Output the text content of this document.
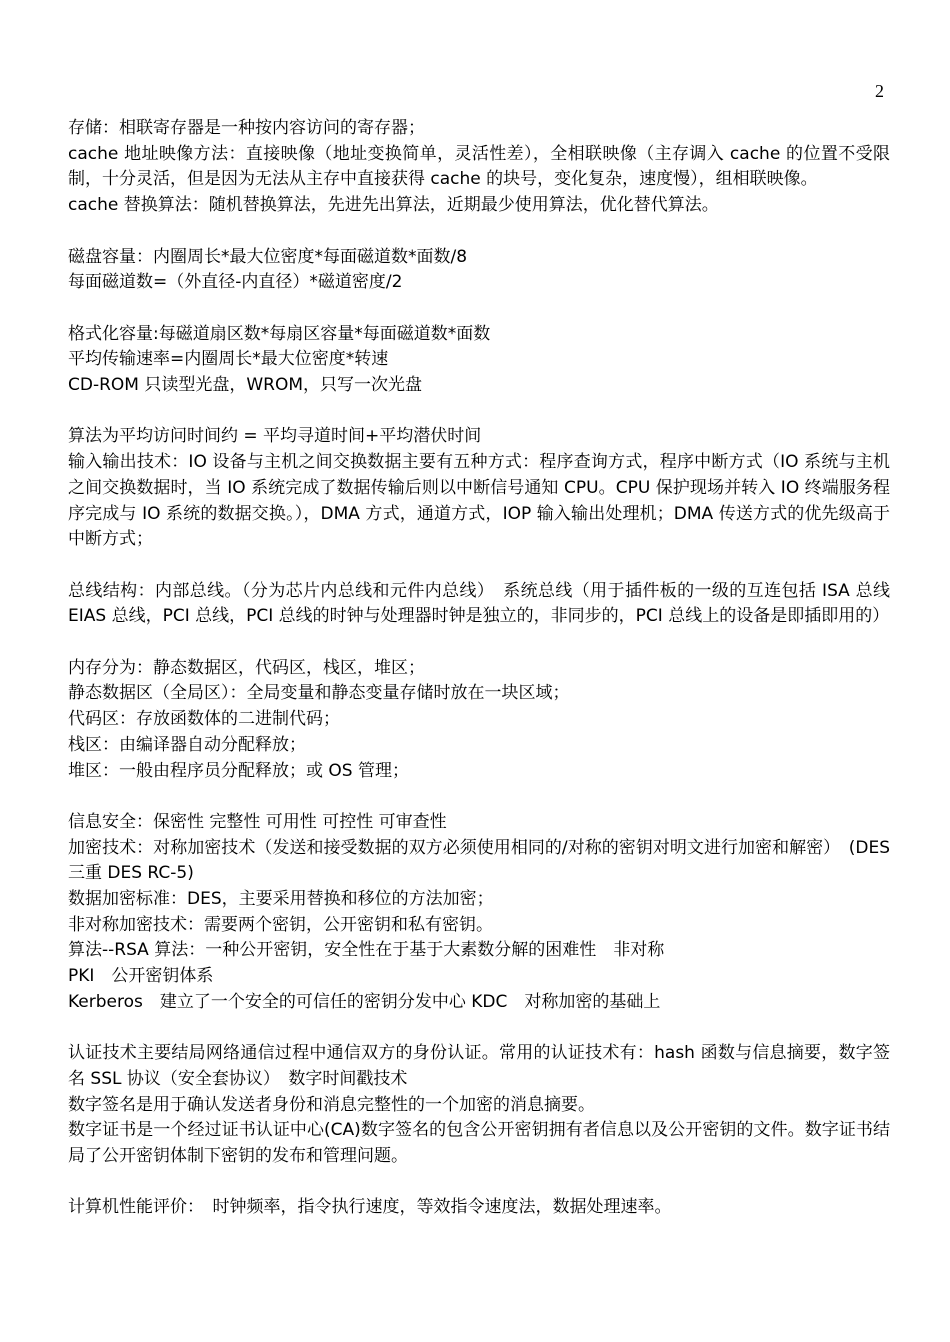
2

存储：相联寄存器是一种按内容访问的寄存器；

cache 地址映像方法：直接映像（地址变换简单，灵活性差），全相联映像（主存调入 cache 的位置不受限制，十分灵活，但是因为无法从主存中直接获得 cache 的块号，变化复杂，速度慢），组相联映像。

cache 替换算法：随机替换算法，先进先出算法，近期最少使用算法，优化替代算法。

磁盘容量：内圈周长*最大位密度*每面磁道数*面数/8

每面磁道数=（外直径-内直径）*磁道密度/2

格式化容量:每磁道扇区数*每扇区容量*每面磁道数*面数

平均传输速率=内圈周长*最大位密度*转速

CD-ROM 只读型光盘，WROM，只写一次光盘

算法为平均访问时间约 = 平均寻道时间+平均潜伏时间

输入输出技术：IO 设备与主机之间交换数据主要有五种方式：程序查询方式，程序中断方式（IO 系统与主机之间交换数据时，当 IO 系统完成了数据传输后则以中断信号通知 CPU。CPU 保护现场并转入 IO 终端服务程序完成与 IO 系统的数据交换。），DMA 方式，通道方式，IOP 输入输出处理机；DMA 传送方式的优先级高于中断方式；

总线结构：内部总线。（分为芯片内总线和元件内总线）　系统总线（用于插件板的一级的互连包括 ISA 总线　EIAS 总线，PCI 总线，PCI 总线的时钟与处理器时钟是独立的，非同步的，PCI 总线上的设备是即插即用的）

内存分为：静态数据区，代码区，栈区，堆区；

静态数据区（全局区）：全局变量和静态变量存储时放在一块区域；

代码区：存放函数体的二进制代码；

栈区：由编译器自动分配释放；

堆区：一般由程序员分配释放；或 OS 管理；

信息安全：保密性 完整性 可用性 可控性 可审查性

加密技术：对称加密技术（发送和接受数据的双方必须使用相同的/对称的密钥对明文进行加密和解密）　(DES 三重 DES RC-5)

数据加密标准：DES，主要采用替换和移位的方法加密；

非对称加密技术：需要两个密钥，公开密钥和私有密钥。

算法--RSA 算法：一种公开密钥，安全性在于基于大素数分解的困难性　非对称

PKI　公开密钥体系

Kerberos　建立了一个安全的可信任的密钥分发中心 KDC　对称加密的基础上

认证技术主要结局网络通信过程中通信双方的身份认证。常用的认证技术有：hash 函数与信息摘要，数字签名 SSL 协议（安全套协议）　数字时间戳技术

数字签名是用于确认发送者身份和消息完整性的一个加密的消息摘要。

数字证书是一个经过证书认证中心(CA)数字签名的包含公开密钥拥有者信息以及公开密钥的文件。数字证书结局了公开密钥体制下密钥的发布和管理问题。

计算机性能评价：　时钟频率，指令执行速度，等效指令速度法，数据处理速率。
